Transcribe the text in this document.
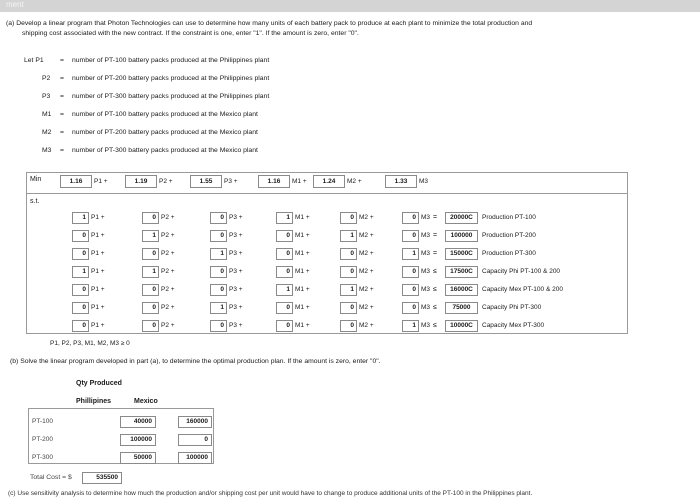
ment
(a) Develop a linear program that Photon Technologies can use to determine how many units of each battery pack to produce at each plant to minimize the total production and
shipping cost associated with the new contract. If the constraint is one, enter "1". If the amount is zero, enter "0".
Let P1 = number of PT-100 battery packs produced at the Philippines plant
P2 = number of PT-200 battery packs produced at the Philippines plant
P3 = number of PT-300 battery packs produced at the Philippines plant
M1 = number of PT-100 battery packs produced at the Mexico plant
M2 = number of PT-200 battery packs produced at the Mexico plant
M3 = number of PT-300 battery packs produced at the Mexico plant
Min	1.16	P1 +	1.19	P2 +	1.55	P3 +	1.16	M1 +	1.24	M2 +	1.33	M3
s.t.
1 P1 +	0 P2 +	0 P3 +	1 M1 +	0 M2 +	0 M3 =	20000C	Production PT-100
0 P1 +	1 P2 +	0 P3 +	0 M1 +	1 M2 +	0 M3 =	100000	Production PT-200
0 P1 +	0 P2 +	1 P3 +	0 M1 +	0 M2 +	1 M3 =	15000C	Production PT-300
1 P1 +	1 P2 +	0 P3 +	0 M1 +	0 M2 +	0 M3 ≤	17500C	Capacity Phi PT-100 & 200
0 P1 +	0 P2 +	0 P3 +	1 M1 +	1 M2 +	0 M3 ≤	16000C	Capacity Mex PT-100 & 200
0 P1 +	0 P2 +	1 P3 +	0 M1 +	0 M2 +	0 M3 ≤	75000	Capacity Phi PT-300
0 P1 +	0 P2 +	0 P3 +	0 M1 +	0 M2 +	1 M3 ≤	10000C	Capacity Mex PT-300
P1, P2, P3, M1, M2, M3 ≥ 0
(b) Solve the linear program developed in part (a), to determine the optimal production plan. If the amount is zero, enter "0".
Qty Produced
Phillipines	Mexico
PT-100	40000	160000
PT-200	100000	0
PT-300	50000	100000
Total Cost = $	535500
(c) Use sensitivity analysis to determine how much the production and/or shipping cost per unit would have to change to produce additional units of the PT-100 in the Philippines plant.
